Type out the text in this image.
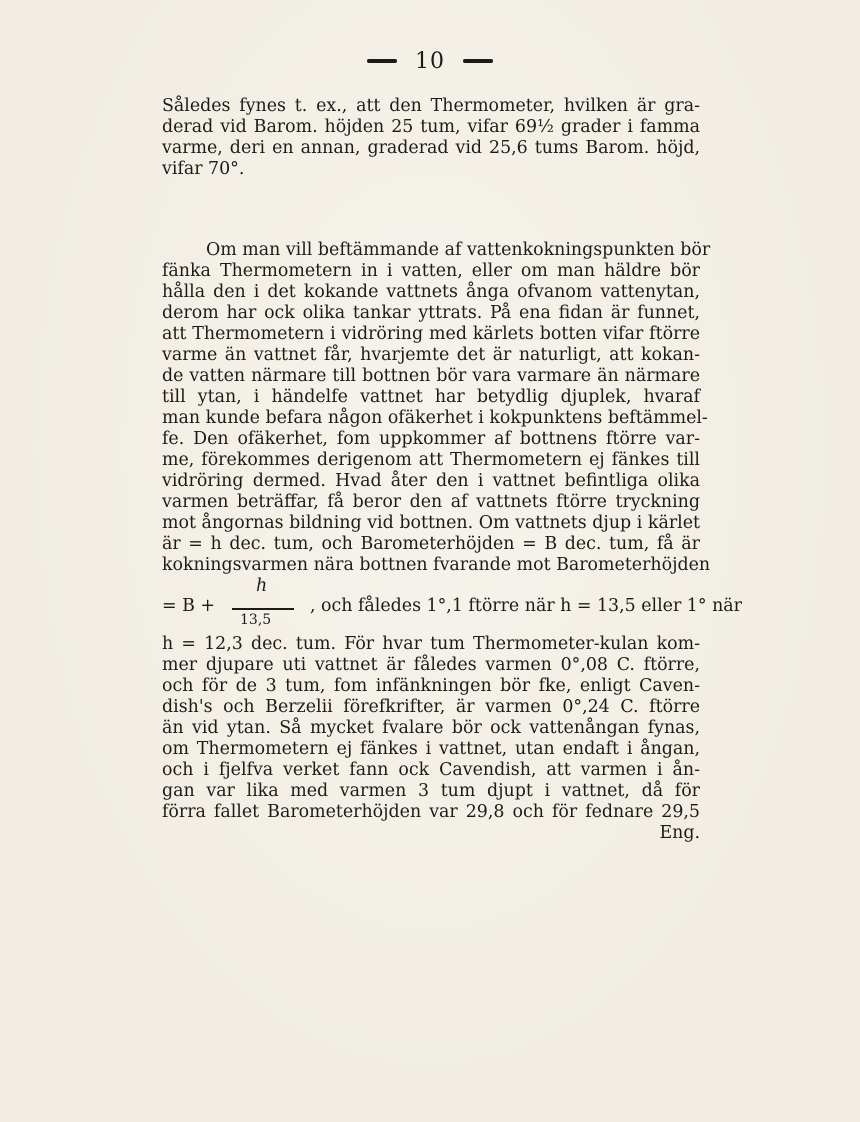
10
Således fynes t. ex., att den Thermometer, hvilken är gra-
derad vid Barom. höjden 25 tum, vifar 69½ grader i famma
varme, deri en annan, graderad vid 25,6 tums Barom. höjd,
vifar 70°.
Om man vill beftämmande af vattenkokningspunkten bör
fänka Thermometern in i vatten, eller om man häldre bör
hålla den i det kokande vattnets ånga ofvanom vattenytan,
derom har ock olika tankar yttrats. På ena fidan är funnet,
att Thermometern i vidröring med kärlets botten vifar ftörre
varme än vattnet får, hvarjemte det är naturligt, att kokan-
de vatten närmare till bottnen bör vara varmare än närmare
till ytan, i händelfe vattnet har betydlig djuplek, hvaraf
man kunde befara någon ofäkerhet i kokpunktens beftämmel-
fe. Den ofäkerhet, fom uppkommer af bottnens ftörre var-
me, förekommes derigenom att Thermometern ej fänkes till
vidröring dermed. Hvad åter den i vattnet befintliga olika
varmen beträffar, få beror den af vattnets ftörre tryckning
mot ångornas bildning vid bottnen. Om vattnets djup i kärlet
är = h dec. tum, och Barometerhöjden = B dec. tum, få är
kokningsvarmen nära bottnen fvarande mot Barometerhöjden
= B +
h
13,5
, och fåledes 1°,1 ftörre när h = 13,5 eller 1° när
h = 12,3 dec. tum. För hvar tum Thermometer-kulan kom-
mer djupare uti vattnet är fåledes varmen 0°,08 C. ftörre,
och för de 3 tum, fom infänkningen bör fke, enligt Caven-
dish's och Berzelii förefkrifter, är varmen 0°,24 C. ftörre
än vid ytan. Så mycket fvalare bör ock vattenångan fynas,
om Thermometern ej fänkes i vattnet, utan endaft i ångan,
och i fjelfva verket fann ock Cavendish, att varmen i ån-
gan var lika med varmen 3 tum djupt i vattnet, då för
förra fallet Barometerhöjden var 29,8 och för fednare 29,5
Eng.
